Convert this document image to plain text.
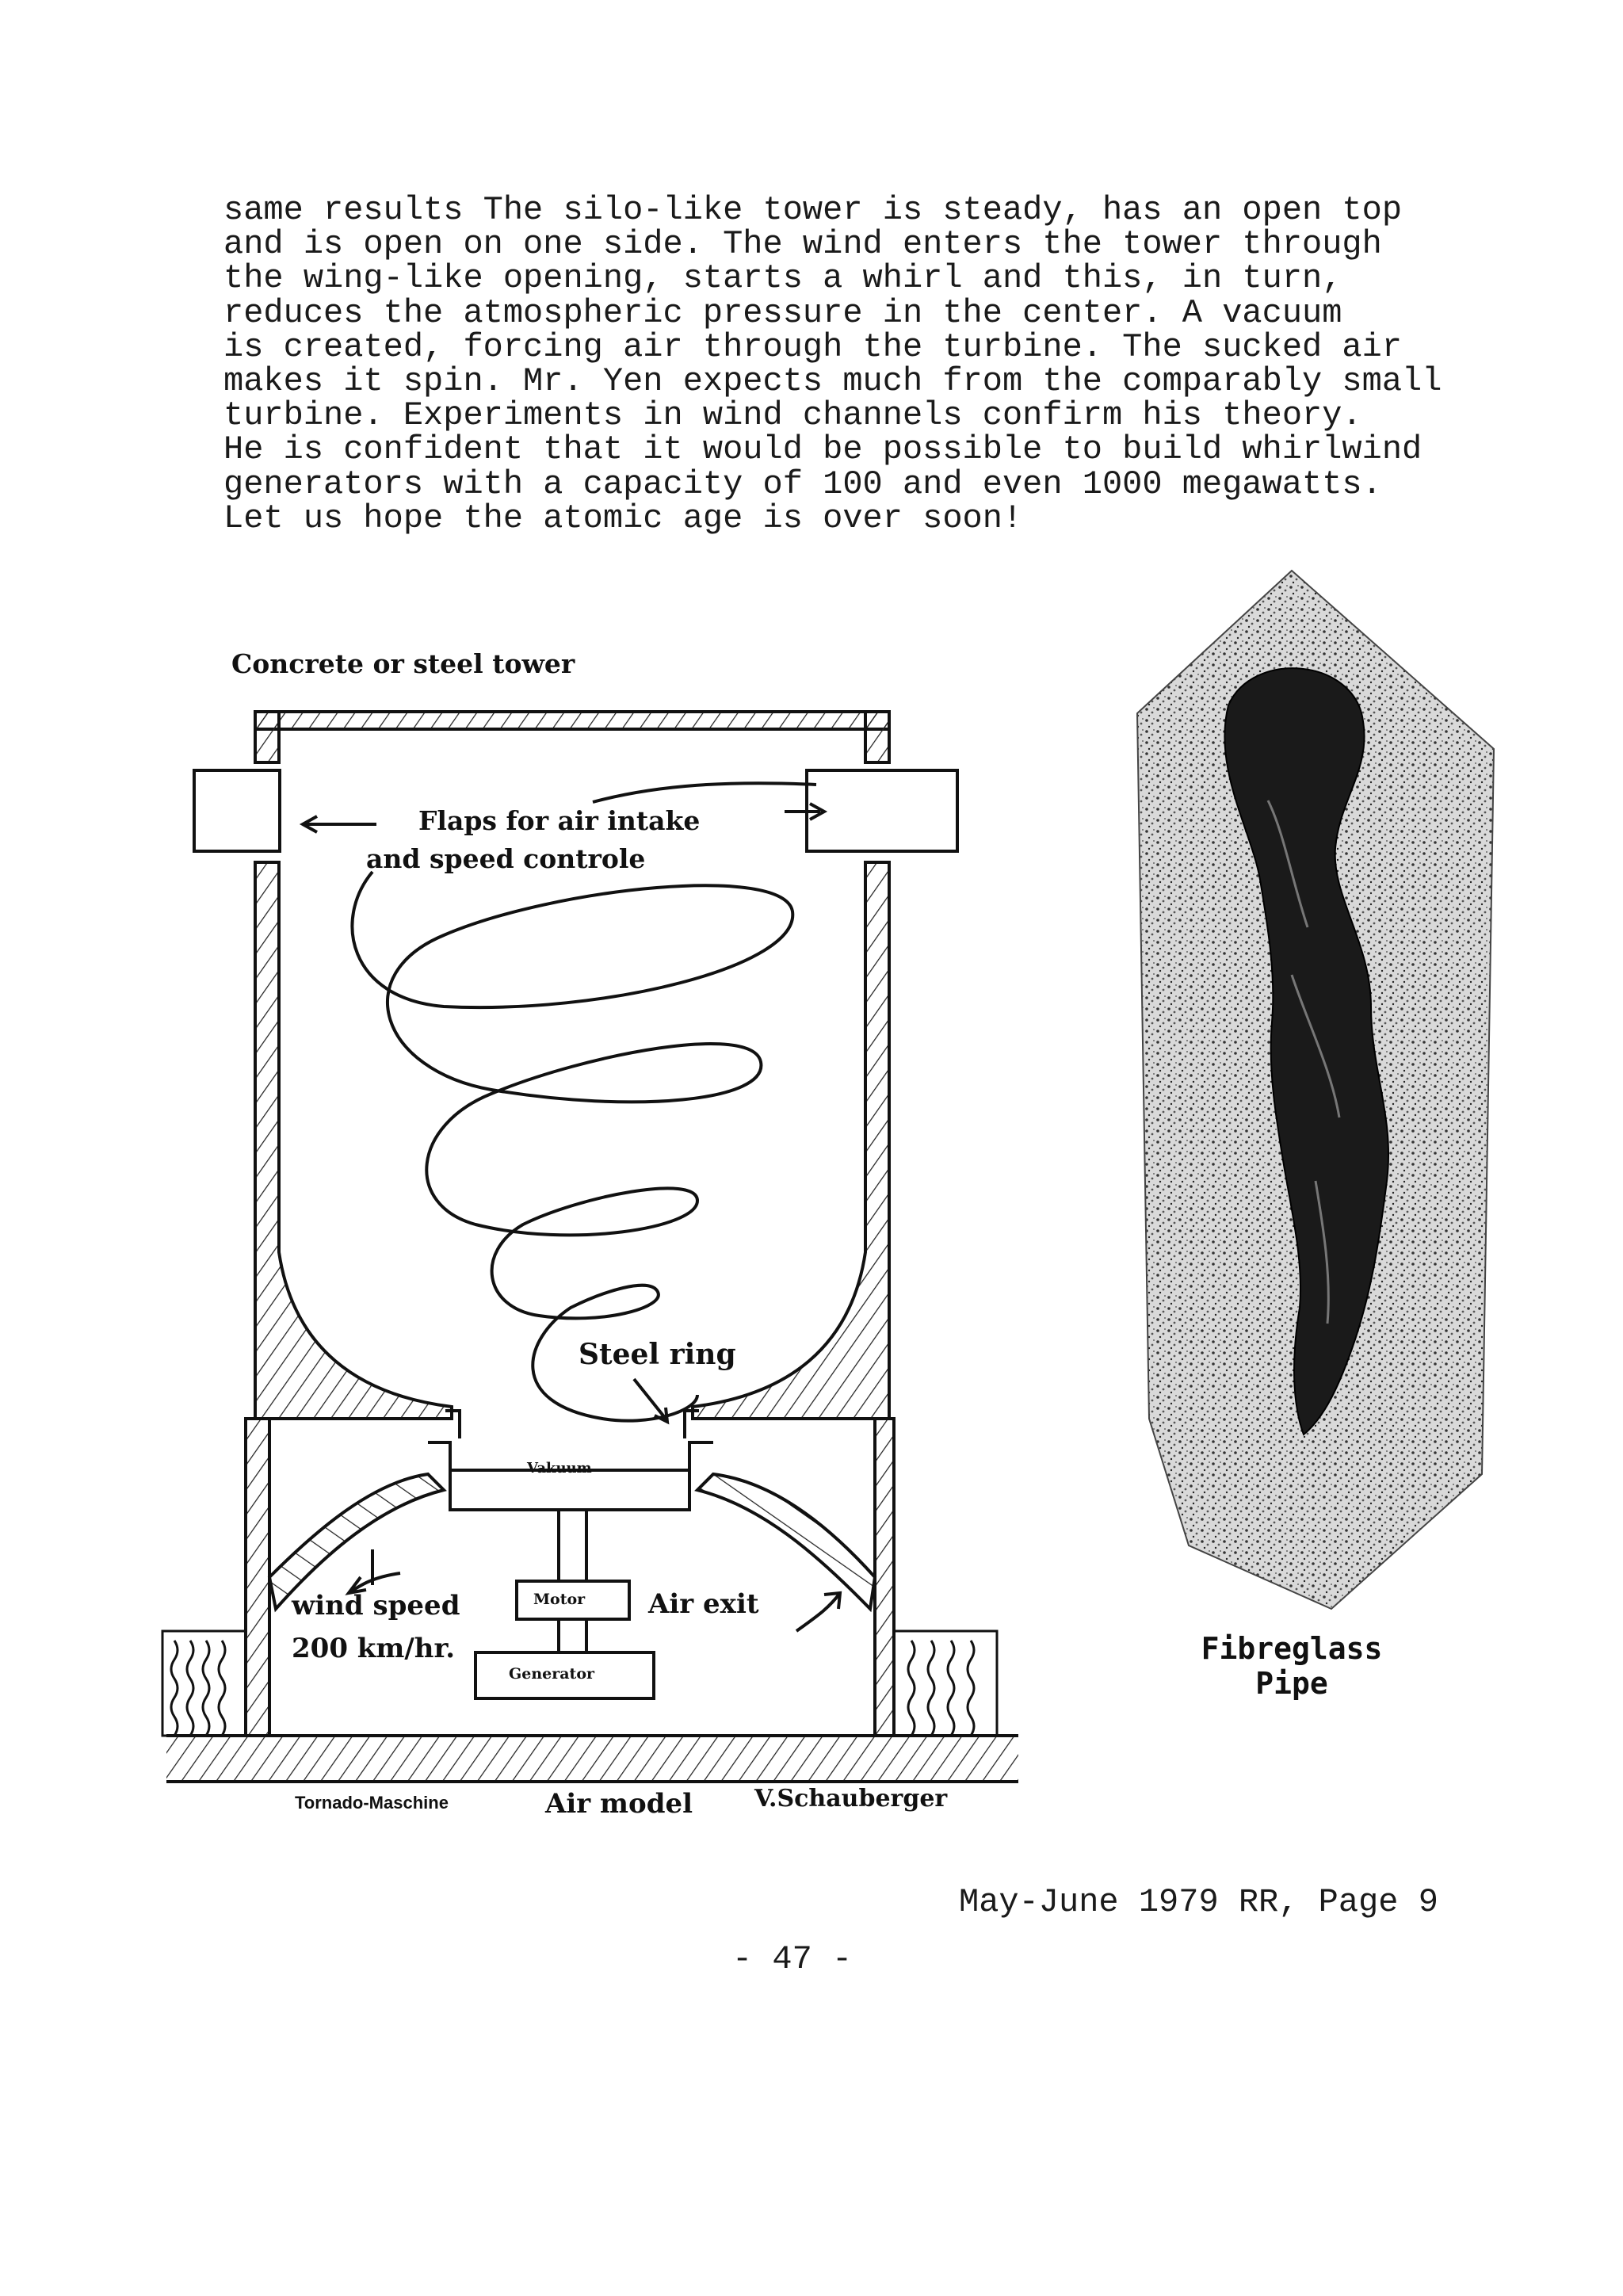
same results The silo-like tower is steady, has an open top
and is open on one side. The wind enters the tower through
the wing-like opening, starts a whirl and this, in turn,
reduces the atmospheric pressure in the center. A vacuum
is created, forcing air through the turbine. The sucked air
makes it spin. Mr. Yen expects much from the comparably small
turbine. Experiments in wind channels confirm his theory.
He is confident that it would be possible to build whirlwind
generators with a capacity of 100 and even 1000 megawatts.
Let us hope the atomic age is over soon!

Concrete or steel tower
Flaps for air intake
and speed controle
Steel ring
Vakuum
Motor
Generator
wind speed
200 km/hr.
Air exit
Tornado-Maschine	Air model	V.Schauberger
Fibreglass
Pipe
May-June 1979 RR, Page 9
- 47 -
